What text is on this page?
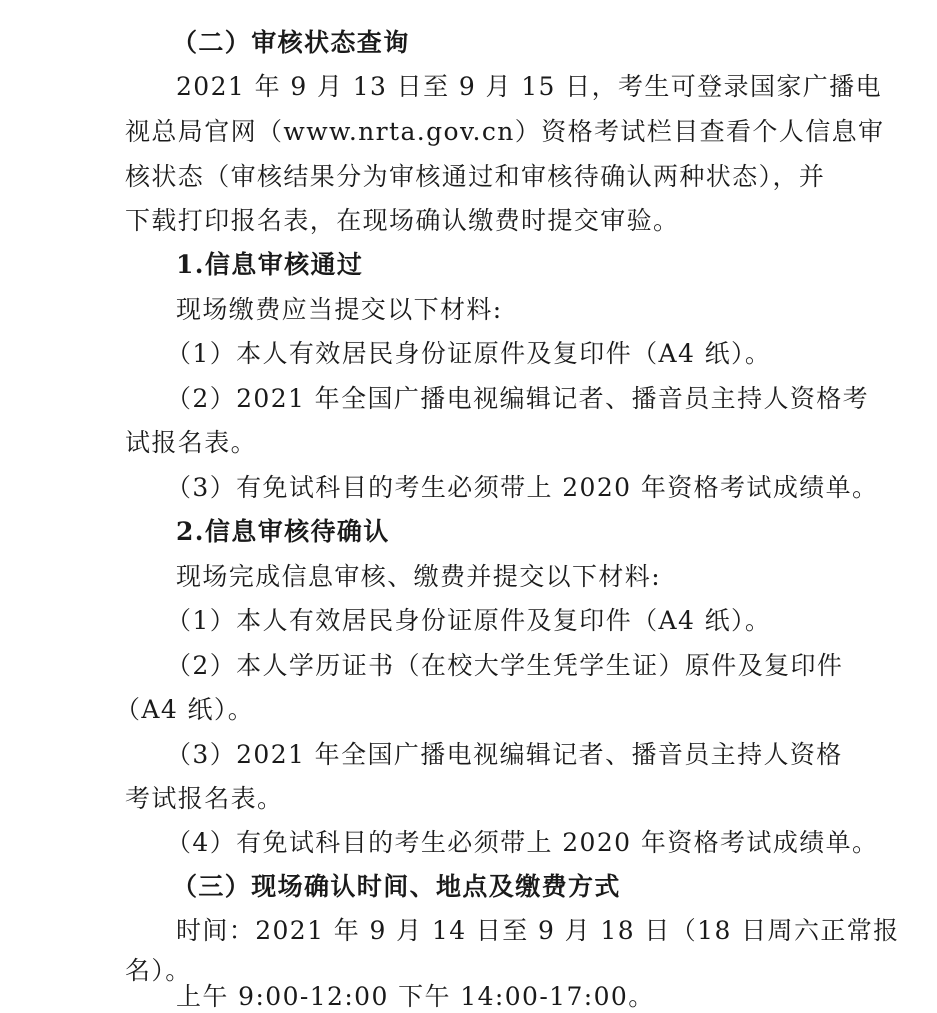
（二）审核状态查询

2021 年 9 月 13 日至 9 月 15 日，考生可登录国家广播电

视总局官网（www.nrta.gov.cn）资格考试栏目查看个人信息审

核状态（审核结果分为审核通过和审核待确认两种状态），并

下载打印报名表，在现场确认缴费时提交审验。

1.信息审核通过

现场缴费应当提交以下材料:

（1）本人有效居民身份证原件及复印件（A4 纸）。

（2）2021 年全国广播电视编辑记者、播音员主持人资格考

试报名表。

（3）有免试科目的考生必须带上 2020 年资格考试成绩单。

2.信息审核待确认

现场完成信息审核、缴费并提交以下材料:

（1）本人有效居民身份证原件及复印件（A4 纸）。

（2）本人学历证书（在校大学生凭学生证）原件及复印件

（A4 纸）。

（3）2021 年全国广播电视编辑记者、播音员主持人资格

考试报名表。

（4）有免试科目的考生必须带上 2020 年资格考试成绩单。

（三）现场确认时间、地点及缴费方式

时间：2021 年 9 月 14 日至 9 月 18 日（18 日周六正常报

名）。

上午 9:00-12:00 下午 14:00-17:00。
